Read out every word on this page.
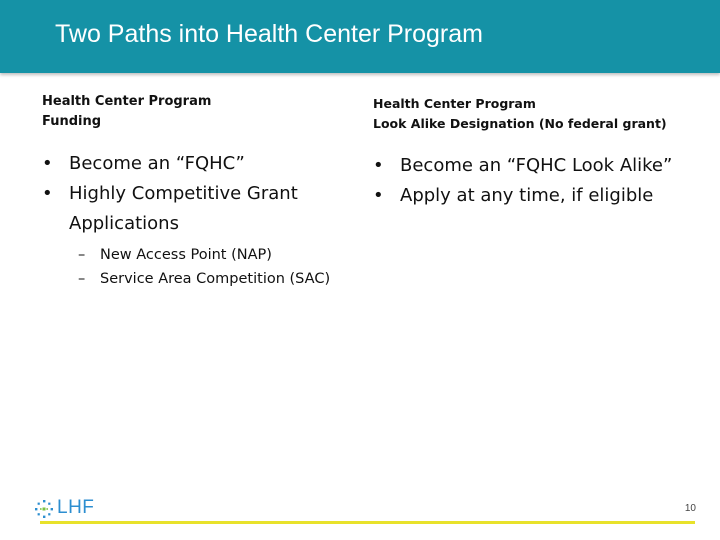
Two Paths into Health Center Program
Health Center Program
Funding
• Become an “FQHC”
• Highly Competitive Grant Applications
– New Access Point (NAP)
– Service Area Competition (SAC)
Health Center Program
Look Alike Designation (No federal grant)
• Become an “FQHC Look Alike”
• Apply at any time, if eligible
LHF	10
